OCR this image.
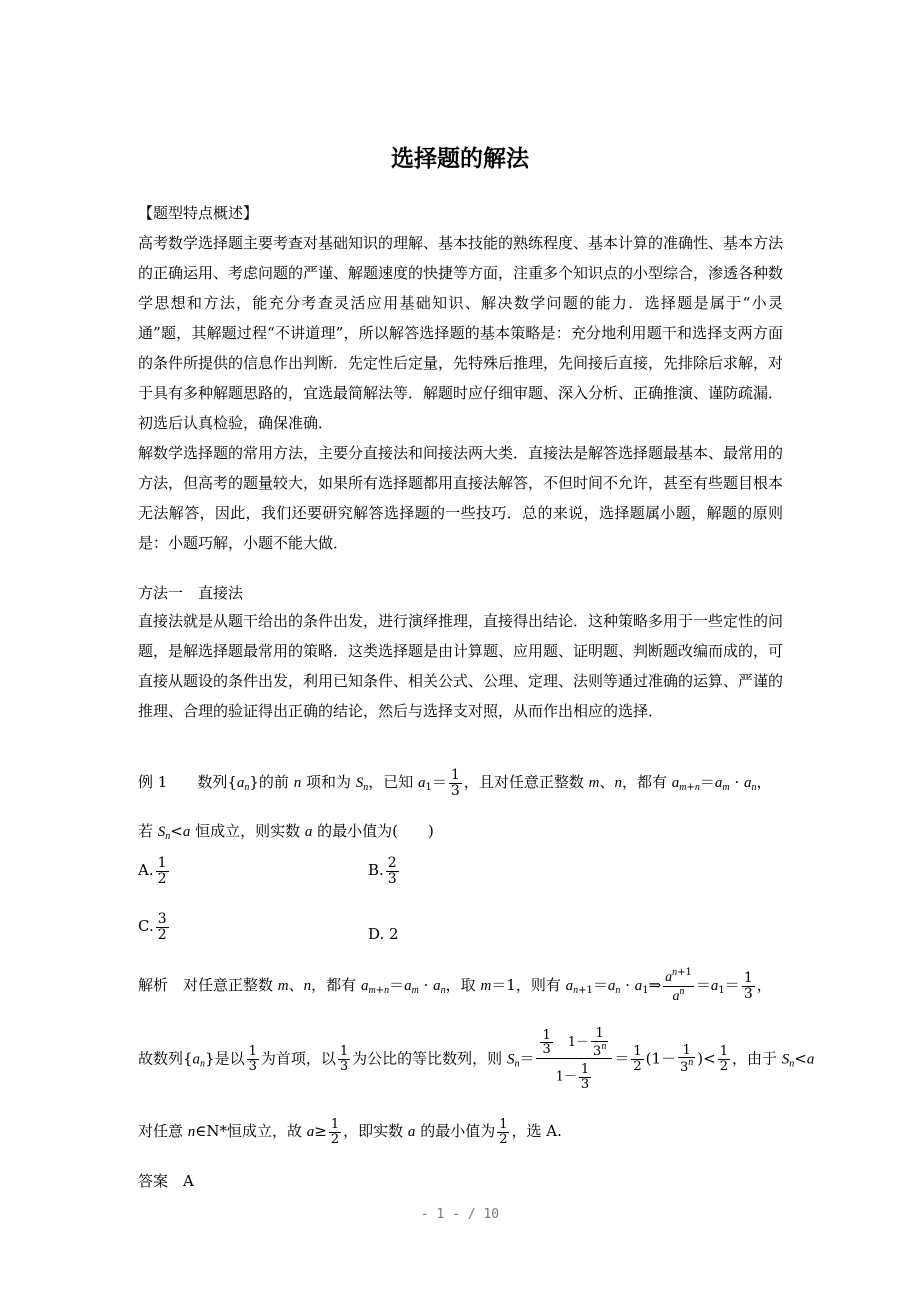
选择题的解法
【题型特点概述】

高考数学选择题主要考查对基础知识的理解、基本技能的熟练程度、基本计算的准确性、基本方法的正确运用、考虑问题的严谨、解题速度的快捷等方面，注重多个知识点的小型综合，渗透各种数学思想和方法，能充分考查灵活应用基础知识、解决数学问题的能力．选择题是属于“小灵通”题，其解题过程“不讲道理”，所以解答选择题的基本策略是：充分地利用题干和选择支两方面的条件所提供的信息作出判断．先定性后定量，先特殊后推理，先间接后直接，先排除后求解，对于具有多种解题思路的，宜选最简解法等．解题时应仔细审题、深入分析、正确推演、谨防疏漏．初选后认真检验，确保准确．

解数学选择题的常用方法，主要分直接法和间接法两大类．直接法是解答选择题最基本、最常用的方法，但高考的题量较大，如果所有选择题都用直接法解答，不但时间不允许，甚至有些题目根本无法解答，因此，我们还要研究解答选择题的一些技巧．总的来说，选择题属小题，解题的原则是：小题巧解，小题不能大做．

方法一　直接法

直接法就是从题干给出的条件出发，进行演绎推理，直接得出结论．这种策略多用于一些定性的问题，是解选择题最常用的策略．这类选择题是由计算题、应用题、证明题、判断题改编而成的，可直接从题设的条件出发，利用已知条件、相关公式、公理、定理、法则等通过准确的运算、严谨的推理、合理的验证得出正确的结论，然后与选择支对照，从而作出相应的选择．

例 1　　 数列$\{a_n\}$的前 n 项和为 $S_n$，已知 $a_1= \frac{1}{3}$ ，且对任意正整数 m、n，都有 $a_{m+n}=a_m \cdot a_n$，
若 $S_n<a$ 恒成立，则实数 a 的最小值为(　　)
A. $\frac{1}{2}$	B. $\frac{2}{3}$
C. $\frac{3}{2}$	D. 2
解析　对任意正整数 m、n，都有 $a_{m+n}=a_m \cdot a_n$，取 m＝1，则有 $a_{n+1}=a_n$ · $a_1\Rightarrow \frac{a^{n+1}}{a^n} =a_1= \frac{1}{3}$ ，
故数列$\{a_n\}$是以 $\frac{1}{3}$ 为首项，以 $\frac{1}{3}$ 为公比的等比数列，则 $S_n= \frac{\frac{1}{3} 1- \frac{1}{3^n}}{1- \frac{1}{3}} = \frac{1}{2} (1- \frac{1}{3^n}$ )< $\frac{1}{2}$ ，由于 $S_n<a$
对任意 n∈N*恒成立，故 $a\ge \frac{1}{2}$ ，即实数 a 的最小值为 $\frac{1}{2}$ ，选 A.
答案　 A
- 1 - / 10
